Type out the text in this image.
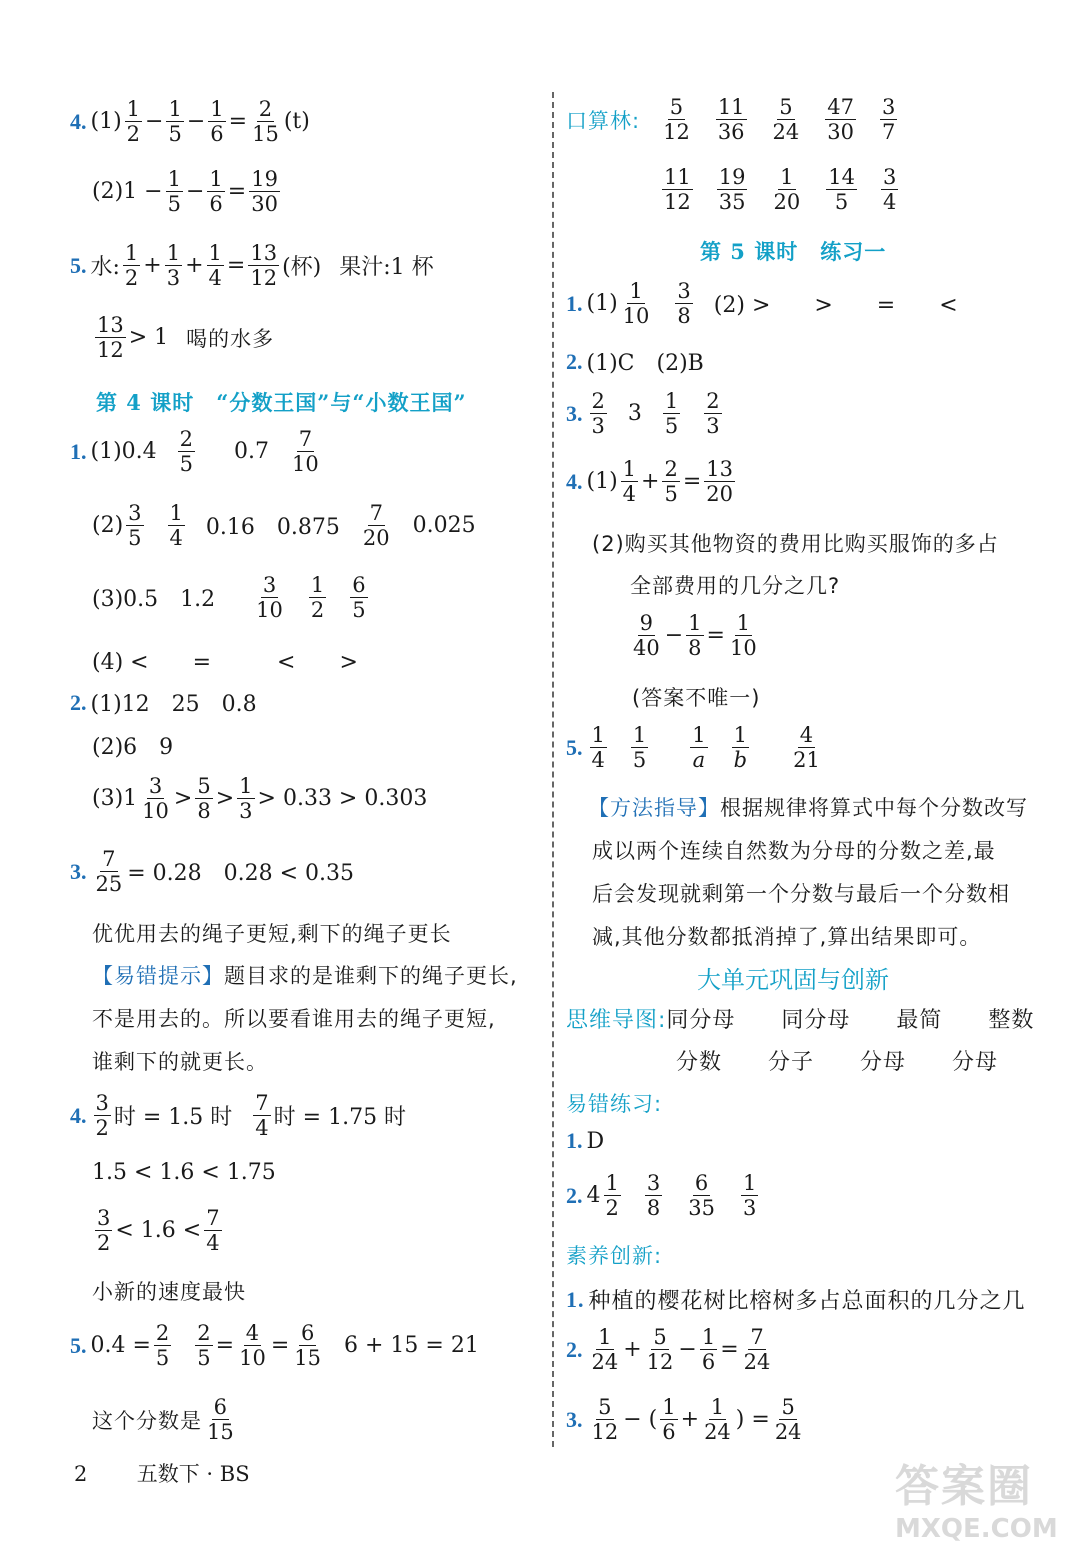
4. (1)
1
2 −
1
5 −
1
6 =
2
15 (t)
(2)1 −
1
5 −
1
6 =
19
30
5. 水:
1
2 +
1
3 +
1
4 =
13
12 (杯) 果汁:1 杯
13
12 > 1 喝的水多
第 4 课时　“分数王国”与“小数王国”
1. (1)0.4
2
5 0.7
7
10
(2)
3
5
1
4 0.16　0.875
7
20 0.025
(3)0.5　1.2
3
10
1
2
6
5
(4) <　　=　　　<　　>
2. (1)12　25　0.8
(2)6　9
(3)1
3
10 >
5
8 >
1
3 > 0.33 > 0.303
3. $\frac{7}{25} = 0.28$　0.28 < 0.35
优优用去的绳子更短,剩下的绳子更长
【易错提示】 题目求的是谁剩下的绳子更长,
不是用去的。所以要看谁用去的绳子更短,
谁剩下的就更长。
4. 3
2 时 = 1.5 时
7
4 时 = 1.75 时
1.5 < 1.6 < 1.75
3
2 < 1.6 <
7
4
小新的速度最快
5. $0.4 = \frac{2}{5} 2$
5 =
4
10 =
6
15 6 + 15 = 21
这个分数是
6
15
口算林:
5
12
11
36
5
24
47
30
3
7
11
12
19
35
1
20
14
5
3
4
第 5 课时　练习一
1. (1)
1
10
3
8 (2) >　　>　　=　　<
2. (1)C　(2)B
3. 2
3 3
1
5
2
3
4. (1)
1
4 +
2
5 =
13
20
(2)购买其他物资的费用比购买服饰的多占
全部费用的几分之几?
9
40 −
1
8 =
1
10
(答案不唯一)
5. 1
4
1
5
1
a
1
b
4
21
【方法指导】 根据规律将算式中每个分数改写
成以两个连续自然数为分母的分数之差,最
后会发现就剩第一个分数与最后一个分数相
减,其他分数都抵消掉了,算出结果即可。
大单元巩固与创新
思维导图: 同分母　　同分母　　最简　　整数
分数　　分子　　分母　　分母
易错练习:
1. D
2. 4
1
2
3
8
6
35
1
3
素养创新:
1. 种植的樱花树比榕树多占总面积的几分之几
2. 1
24 +
5
12 −
1
6 =
7
24
3. 5
12 − (
1
6 +
1
24 ) =
5
24
2 五数下 · BS	答案圈
MXQE.COM
